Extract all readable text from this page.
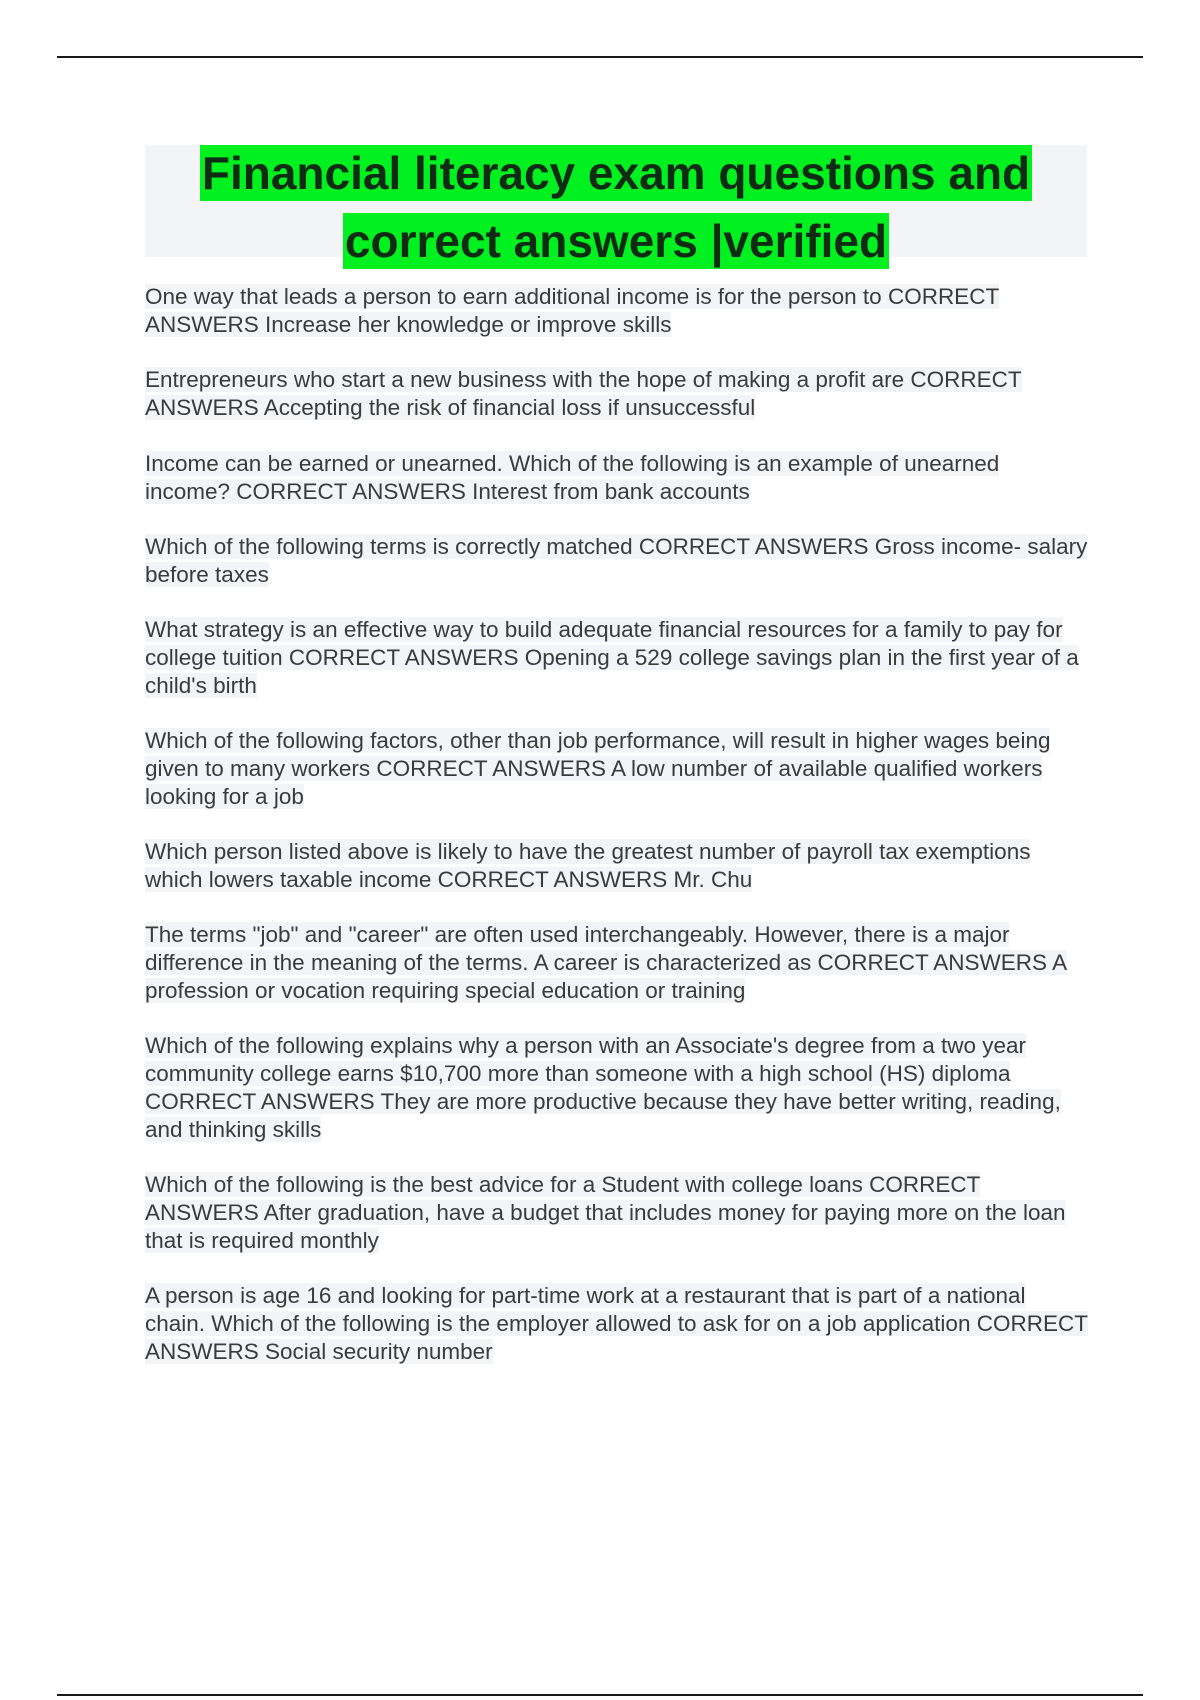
Financial literacy exam questions and
correct answers |verified

One way that leads a person to earn additional income is for the person to CORRECT ANSWERS Increase her knowledge or improve skills

Entrepreneurs who start a new business with the hope of making a profit are CORRECT ANSWERS Accepting the risk of financial loss if unsuccessful

Income can be earned or unearned. Which of the following is an example of unearned income? CORRECT ANSWERS Interest from bank accounts

Which of the following terms is correctly matched CORRECT ANSWERS Gross income- salary before taxes

What strategy is an effective way to build adequate financial resources for a family to pay for college tuition CORRECT ANSWERS Opening a 529 college savings plan in the first year of a child's birth

Which of the following factors, other than job performance, will result in higher wages being given to many workers CORRECT ANSWERS A low number of available qualified workers looking for a job

Which person listed above is likely to have the greatest number of payroll tax exemptions which lowers taxable income CORRECT ANSWERS Mr. Chu

The terms "job" and "career" are often used interchangeably. However, there is a major difference in the meaning of the terms. A career is characterized as CORRECT ANSWERS A profession or vocation requiring special education or training

Which of the following explains why a person with an Associate's degree from a two year community college earns $10,700 more than someone with a high school (HS) diploma CORRECT ANSWERS They are more productive because they have better writing, reading, and thinking skills

Which of the following is the best advice for a Student with college loans CORRECT ANSWERS After graduation, have a budget that includes money for paying more on the loan that is required monthly

A person is age 16 and looking for part-time work at a restaurant that is part of a national chain. Which of the following is the employer allowed to ask for on a job application CORRECT ANSWERS Social security number
